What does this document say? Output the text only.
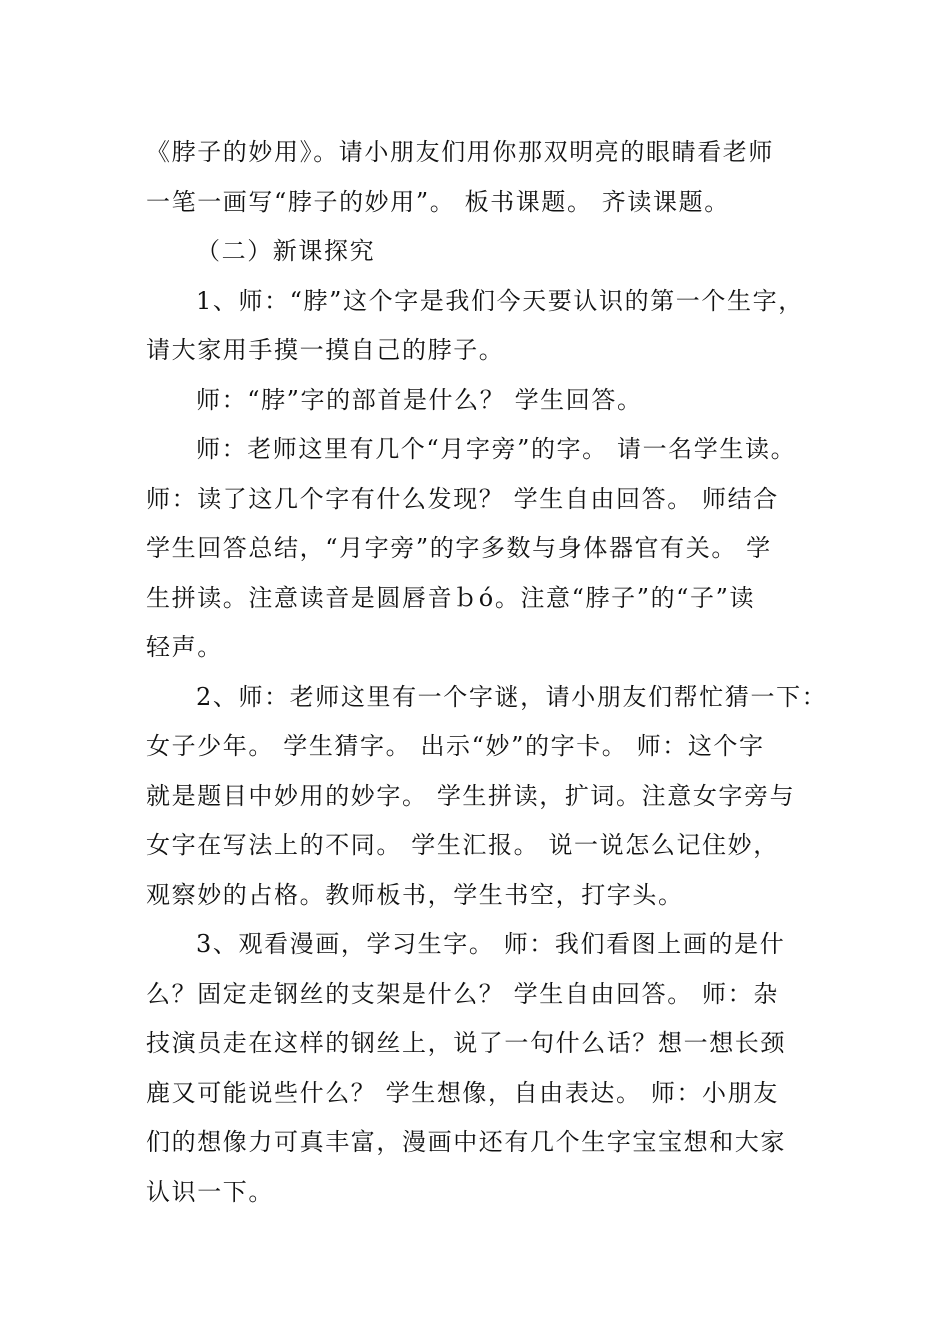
《脖子的妙用》。请小朋友们用你那双明亮的眼睛看老师
一笔一画写“脖子的妙用”。 板书课题。 齐读课题。
（二）新课探究
1、师：“脖”这个字是我们今天要认识的第一个生字，
请大家用手摸一摸自己的脖子。
师：“脖”字的部首是什么？ 学生回答。
师：老师这里有几个“月字旁”的字。 请一名学生读。
师：读了这几个字有什么发现？ 学生自由回答。 师结合
学生回答总结，“月字旁”的字多数与身体器官有关。 学
生拼读。注意读音是圆唇音ｂó。注意“脖子”的“子”读
轻声。
2、师：老师这里有一个字谜，请小朋友们帮忙猜一下：
女子少年。 学生猜字。 出示“妙”的字卡。 师：这个字
就是题目中妙用的妙字。 学生拼读，扩词。注意女字旁与
女字在写法上的不同。 学生汇报。 说一说怎么记住妙，
观察妙的占格。教师板书，学生书空，打字头。
3、观看漫画，学习生字。 师：我们看图上画的是什
么？固定走钢丝的支架是什么？ 学生自由回答。 师：杂
技演员走在这样的钢丝上，说了一句什么话？想一想长颈
鹿又可能说些什么？ 学生想像，自由表达。 师：小朋友
们的想像力可真丰富，漫画中还有几个生字宝宝想和大家
认识一下。
